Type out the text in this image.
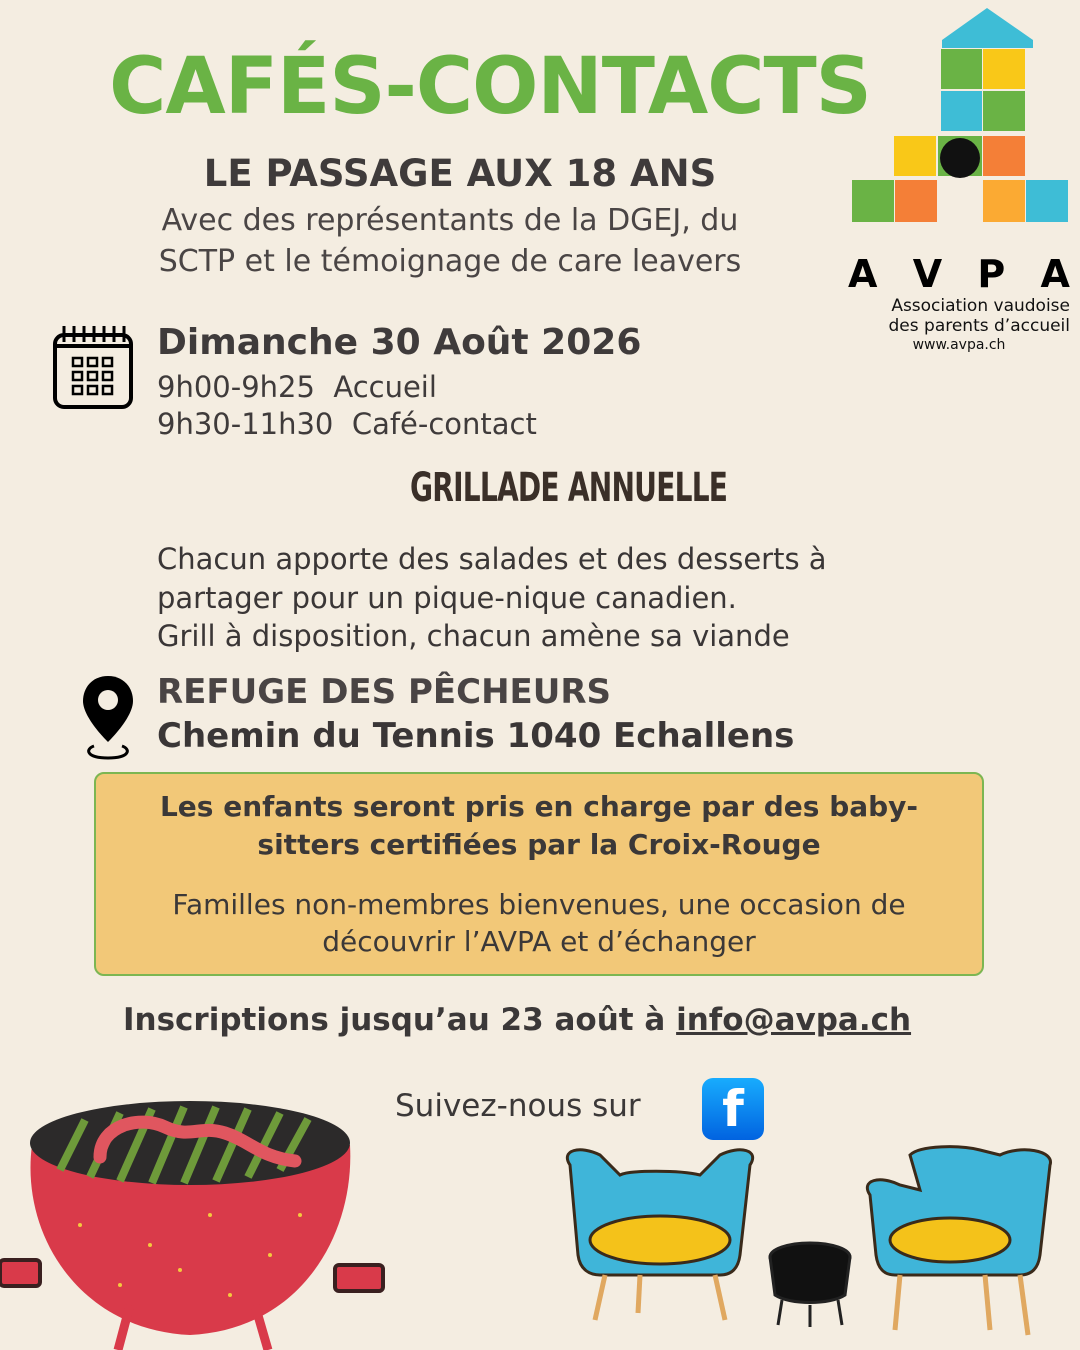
CAFÉS-CONTACTS
LE PASSAGE AUX 18 ANS
Avec des représentants de la DGEJ, du
SCTP et le témoignage de care leavers	A V P A
Association vaudoise
des parents d’accueil
www.avpa.ch
Dimanche 30 Août 2026
9h00-9h25  Accueil
9h30-11h30  Café-contact
GRILLADE ANNUELLE
Chacun apporte des salades et des desserts à
partager pour un pique-nique canadien.
Grill à disposition, chacun amène sa viande
REFUGE DES PÊCHEURS
Chemin du Tennis 1040 Echallens
Les enfants seront pris en charge par des baby-
sitters certifiées par la Croix-Rouge
Familles non-membres bienvenues, une occasion de
découvrir l’AVPA et d’échanger
Inscriptions jusqu’au 23 août à info@avpa.ch
Suivez-nous sur	f
